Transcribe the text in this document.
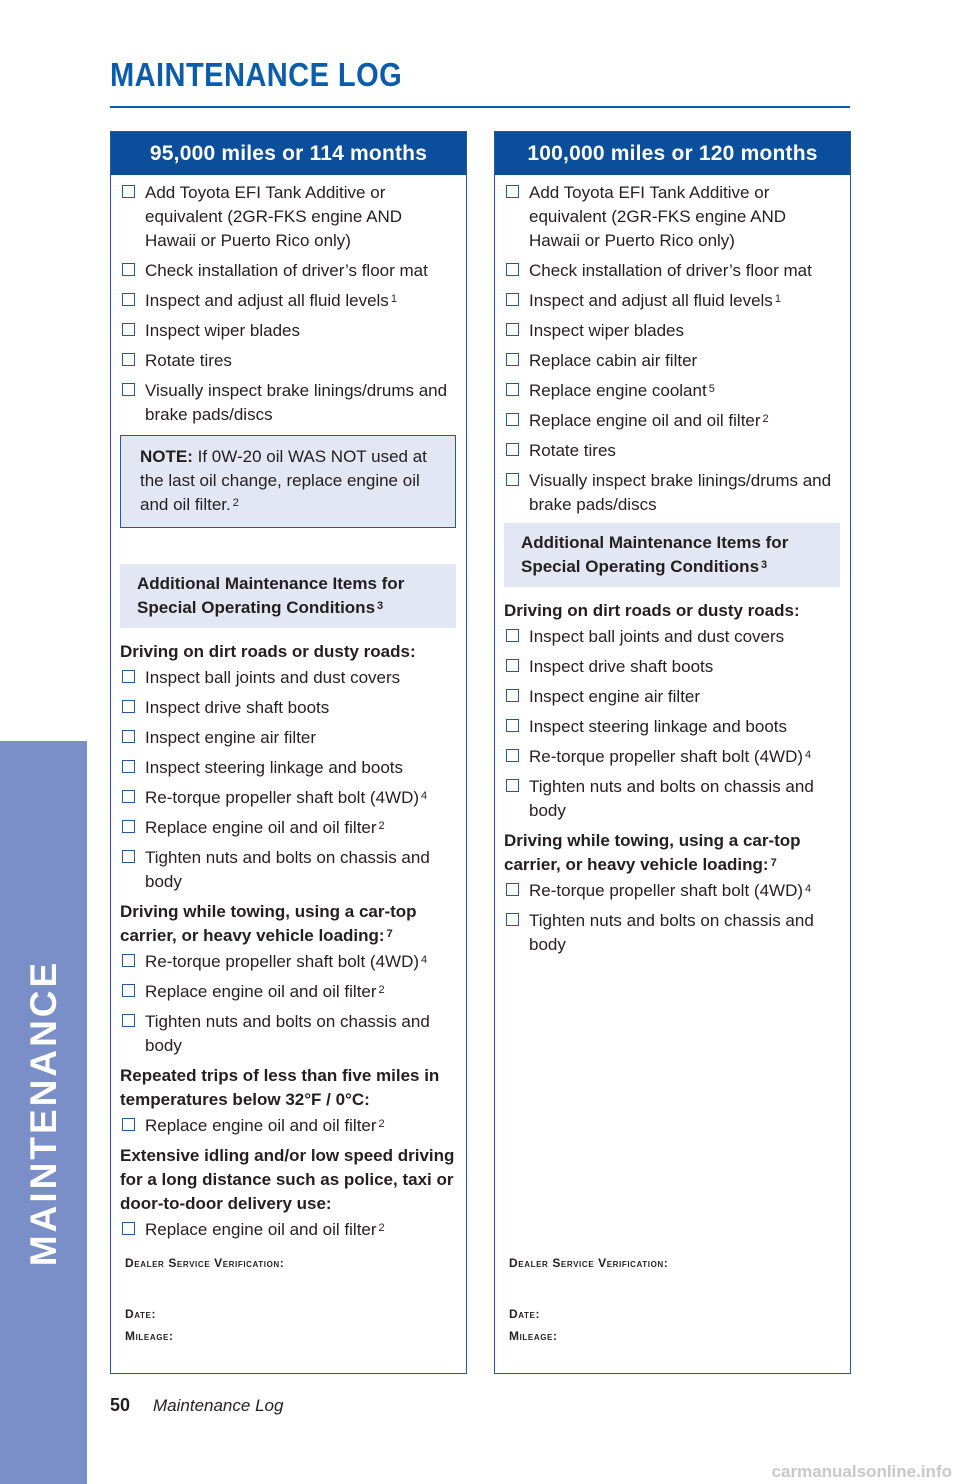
MAINTENANCE LOG
MAINTENANCE
95,000 miles or 114 months
Add Toyota EFI Tank Additive or equivalent (2GR-FKS engine AND Hawaii or Puerto Rico only)
Check installation of driver’s floor mat
Inspect and adjust all fluid levels $^1$
Inspect wiper blades
Rotate tires
Visually inspect brake linings/drums and brake pads/discs
NOTE: If 0W-20 oil WAS NOT used at the last oil change, replace engine oil and oil filter. $^2$
Additional Maintenance Items for Special Operating Conditions $^3$
Driving on dirt roads or dusty roads:
Inspect ball joints and dust covers
Inspect drive shaft boots
Inspect engine air filter
Inspect steering linkage and boots
Re-torque propeller shaft bolt (4WD) $^4$
Replace engine oil and oil filter $^2$
Tighten nuts and bolts on chassis and body
Driving while towing, using a car-top carrier, or heavy vehicle loading: $^7$
Re-torque propeller shaft bolt (4WD) $^4$
Replace engine oil and oil filter $^2$
Tighten nuts and bolts on chassis and body
Repeated trips of less than five miles in temperatures below 32°F / 0°C:
Replace engine oil and oil filter $^2$
Extensive idling and/or low speed driving for a long distance such as police, taxi or door-to-door delivery use:
Replace engine oil and oil filter $^2$
Dealer Service Verification:
Date:
Mileage:
100,000 miles or 120 months
Add Toyota EFI Tank Additive or equivalent (2GR-FKS engine AND Hawaii or Puerto Rico only)
Check installation of driver’s floor mat
Inspect and adjust all fluid levels $^1$
Inspect wiper blades
Replace cabin air filter
Replace engine coolant $^5$
Replace engine oil and oil filter $^2$
Rotate tires
Visually inspect brake linings/drums and brake pads/discs
Additional Maintenance Items for Special Operating Conditions $^3$
Driving on dirt roads or dusty roads:
Inspect ball joints and dust covers
Inspect drive shaft boots
Inspect engine air filter
Inspect steering linkage and boots
Re-torque propeller shaft bolt (4WD) $^4$
Tighten nuts and bolts on chassis and body
Driving while towing, using a car-top carrier, or heavy vehicle loading: $^7$
Re-torque propeller shaft bolt (4WD) $^4$
Tighten nuts and bolts on chassis and body
Dealer Service Verification:
Date:
Mileage:
50 Maintenance Log
carmanualsonline.info
